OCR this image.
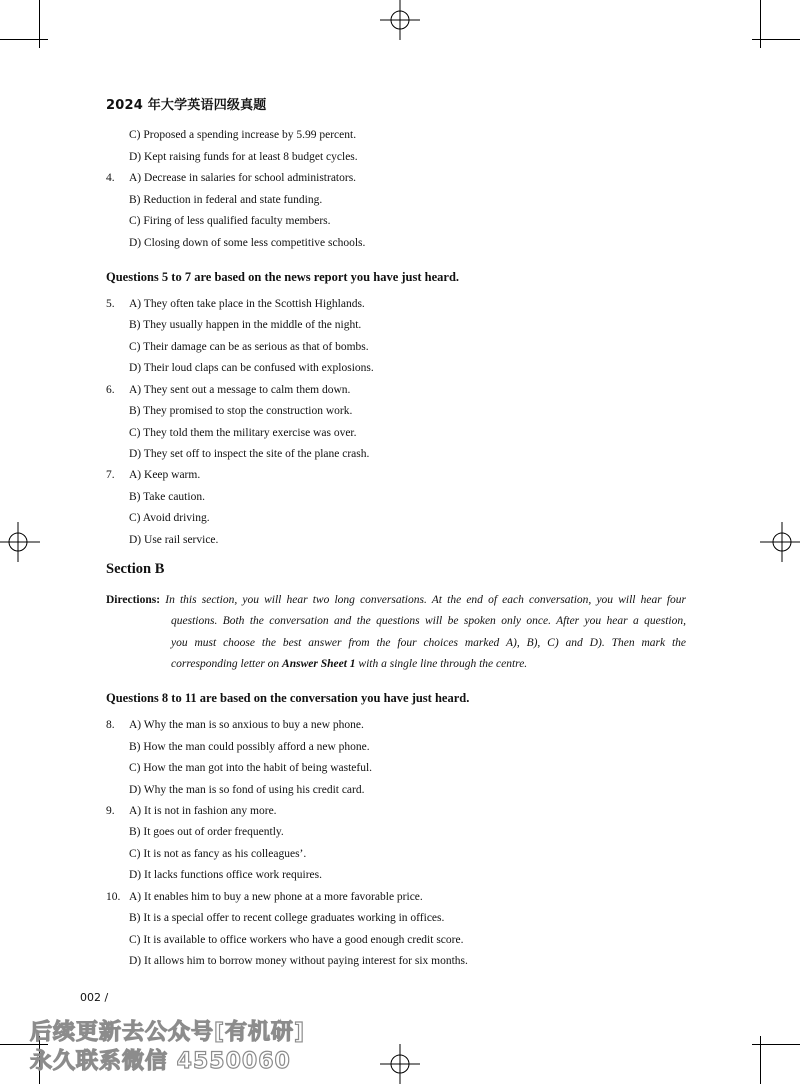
2024 年大学英语四级真题
C) Proposed a spending increase by 5.99 percent.
D) Kept raising funds for at least 8 budget cycles.
4. A) Decrease in salaries for school administrators.
B) Reduction in federal and state funding.
C) Firing of less qualified faculty members.
D) Closing down of some less competitive schools.
Questions 5 to 7 are based on the news report you have just heard.
5. A) They often take place in the Scottish Highlands.
B) They usually happen in the middle of the night.
C) Their damage can be as serious as that of bombs.
D) Their loud claps can be confused with explosions.
6. A) They sent out a message to calm them down.
B) They promised to stop the construction work.
C) They told them the military exercise was over.
D) They set off to inspect the site of the plane crash.
7. A) Keep warm.
B) Take caution.
C) Avoid driving.
D) Use rail service.
Section B
Directions: In this section, you will hear two long conversations. At the end of each conversation, you will hear four
questions. Both the conversation and the questions will be spoken only once. After you hear a question,
you must choose the best answer from the four choices marked A), B), C) and D). Then mark the
corresponding letter on Answer Sheet 1 with a single line through the centre.
Questions 8 to 11 are based on the conversation you have just heard.
8. A) Why the man is so anxious to buy a new phone.
B) How the man could possibly afford a new phone.
C) How the man got into the habit of being wasteful.
D) Why the man is so fond of using his credit card.
9. A) It is not in fashion any more.
B) It goes out of order frequently.
C) It is not as fancy as his colleagues’.
D) It lacks functions office work requires.
10. A) It enables him to buy a new phone at a more favorable price.
B) It is a special offer to recent college graduates working in offices.
C) It is available to office workers who have a good enough credit score.
D) It allows him to borrow money without paying interest for six months.
002 /
后续更新去公众号[有机研]
永久联系微信 4550060
